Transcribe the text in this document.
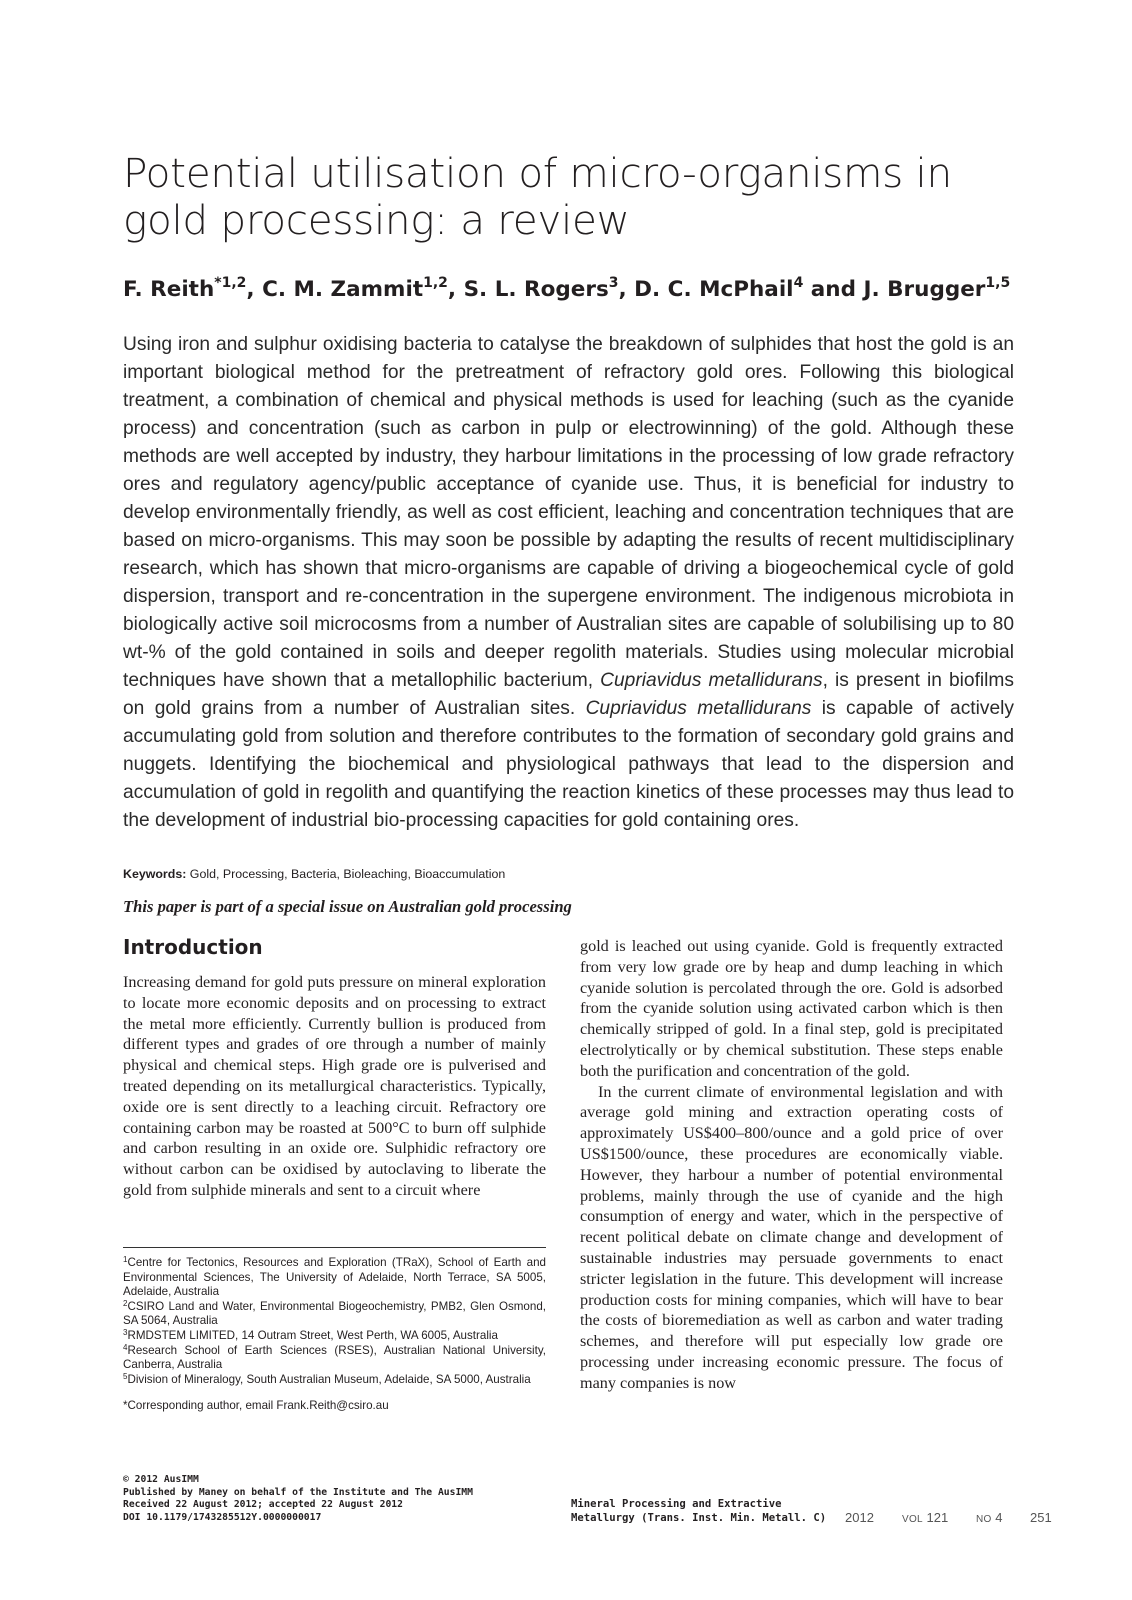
Potential utilisation of micro-organisms in
gold processing: a review
F. Reith$^{*1,2}$, C. M. Zammit$^{1,2}$, S. L. Rogers$^3$, D. C. McPhail$^4$ and J. Brugger$^{1,5}$
Using iron and sulphur oxidising bacteria to catalyse the breakdown of sulphides that host the gold is an important biological method for the pretreatment of refractory gold ores. Following this biological treatment, a combination of chemical and physical methods is used for leaching (such as the cyanide process) and concentration (such as carbon in pulp or electrowinning) of the gold. Although these methods are well accepted by industry, they harbour limitations in the processing of low grade refractory ores and regulatory agency/public acceptance of cyanide use. Thus, it is beneficial for industry to develop environmentally friendly, as well as cost efficient, leaching and concentration techniques that are based on micro-organisms. This may soon be possible by adapting the results of recent multidisciplinary research, which has shown that micro-organisms are capable of driving a biogeochemical cycle of gold dispersion, transport and re-concentration in the supergene environment. The indigenous microbiota in biologically active soil microcosms from a number of Australian sites are capable of solubilising up to 80 wt-% of the gold contained in soils and deeper regolith materials. Studies using molecular microbial techniques have shown that a metallophilic bacterium, Cupriavidus metallidurans, is present in biofilms on gold grains from a number of Australian sites. Cupriavidus metallidurans is capable of actively accumulating gold from solution and therefore contributes to the formation of secondary gold grains and nuggets. Identifying the biochemical and physiological pathways that lead to the dispersion and accumulation of gold in regolith and quantifying the reaction kinetics of these processes may thus lead to the development of industrial bio-processing capacities for gold containing ores.
Keywords: Gold, Processing, Bacteria, Bioleaching, Bioaccumulation
This paper is part of a special issue on Australian gold processing
Introduction

Increasing demand for gold puts pressure on mineral exploration to locate more economic deposits and on processing to extract the metal more efficiently. Currently bullion is produced from different types and grades of ore through a number of mainly physical and chemical steps. High grade ore is pulverised and treated depending on its metallurgical characteristics. Typically, oxide ore is sent directly to a leaching circuit. Refractory ore containing carbon may be roasted at 500°C to burn off sulphide and carbon resulting in an oxide ore. Sulphidic refractory ore without carbon can be oxidised by autoclaving to liberate the gold from sulphide minerals and sent to a circuit where

gold is leached out using cyanide. Gold is frequently extracted from very low grade ore by heap and dump leaching in which cyanide solution is percolated through the ore. Gold is adsorbed from the cyanide solution using activated carbon which is then chemically stripped of gold. In a final step, gold is precipitated electrolytically or by chemical substitution. These steps enable both the purification and concentration of the gold.

In the current climate of environmental legislation and with average gold mining and extraction operating costs of approximately US$400–800/ounce and a gold price of over US$1500/ounce, these procedures are economically viable. However, they harbour a number of potential environmental problems, mainly through the use of cyanide and the high consumption of energy and water, which in the perspective of recent political debate on climate change and development of sustainable industries may persuade governments to enact stricter legislation in the future. This development will increase production costs for mining companies, which will have to bear the costs of bioremediation as well as carbon and water trading schemes, and therefore will put especially low grade ore processing under increasing economic pressure. The focus of many companies is now

$^1$Centre for Tectonics, Resources and Exploration (TRaX), School of Earth and Environmental Sciences, The University of Adelaide, North Terrace, SA 5005, Adelaide, Australia
$^2$CSIRO Land and Water, Environmental Biogeochemistry, PMB2, Glen Osmond, SA 5064, Australia
$^3$RMDSTEM LIMITED, 14 Outram Street, West Perth, WA 6005, Australia
$^4$Research School of Earth Sciences (RSES), Australian National University, Canberra, Australia
$^5$Division of Mineralogy, South Australian Museum, Adelaide, SA 5000, Australia
*Corresponding author, email Frank.Reith@csiro.au
© 2012 AusIMM
Published by Maney on behalf of the Institute and The AusIMM
Received 22 August 2012; accepted 22 August 2012
DOI 10.1179/1743285512Y.0000000017
Mineral Processing and Extractive
Metallurgy (Trans. Inst. Min. Metall. C) 2012	VOL 121	NO 4 251
